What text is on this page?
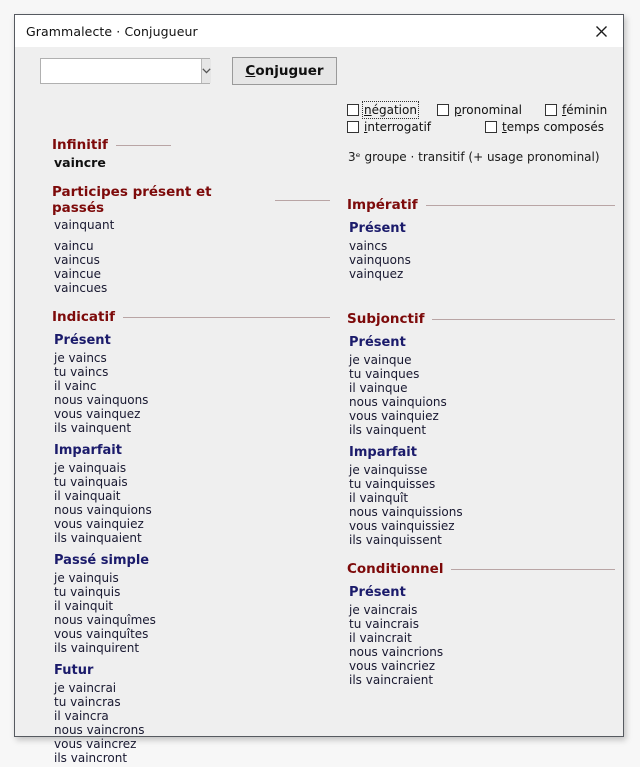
Grammalecte · Conjugueur
C onjuguer
négation
interrogatif
pronominal
temps composés
féminin
3ᵉ groupe · transitif (+ usage pronominal)
Infinitif
vaincre
Participes présent et passés
vainquant
vaincu
vaincus
vaincue
vaincues
Indicatif
Présent
je vaincs
tu vaincs
il vainc
nous vainquons
vous vainquez
ils vainquent
Imparfait
je vainquais
tu vainquais
il vainquait
nous vainquions
vous vainquiez
ils vainquaient
Passé simple
je vainquis
tu vainquis
il vainquit
nous vainquîmes
vous vainquîtes
ils vainquirent
Futur
je vaincrai
tu vaincras
il vaincra
nous vaincrons
vous vaincrez
ils vaincront
Impératif
Présent
vaincs
vainquons
vainquez
Subjonctif
Présent
je vainque
tu vainques
il vainque
nous vainquions
vous vainquiez
ils vainquent
Imparfait
je vainquisse
tu vainquisses
il vainquît
nous vainquissions
vous vainquissiez
ils vainquissent
Conditionnel
Présent
je vaincrais
tu vaincrais
il vaincrait
nous vaincrions
vous vaincriez
ils vaincraient
